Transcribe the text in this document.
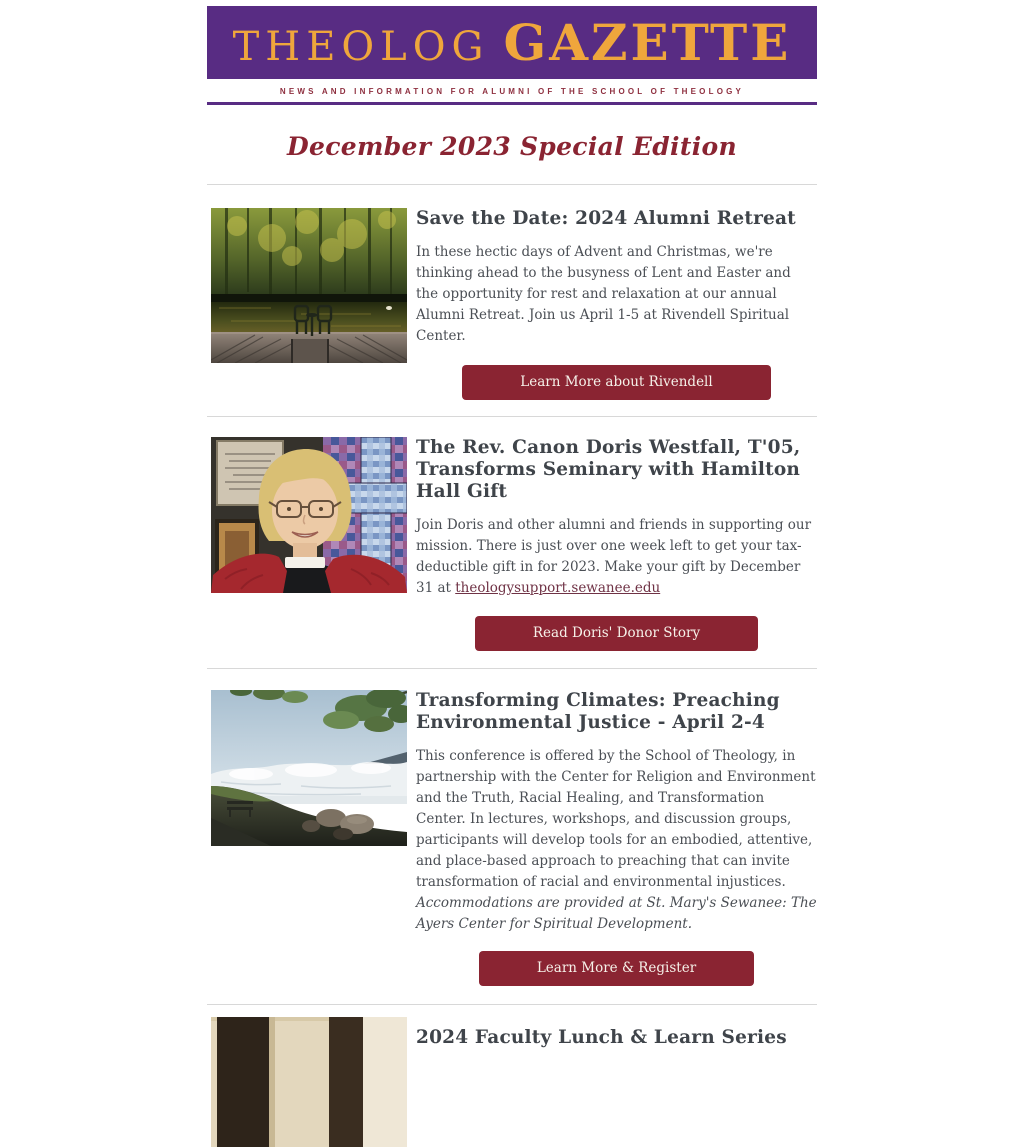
THEOLOG GAZETTE
NEWS AND INFORMATION FOR ALUMNI OF THE SCHOOL OF THEOLOGY
December 2023 Special Edition
Save the Date: 2024 Alumni Retreat

In these hectic days of Advent and Christmas, we're thinking ahead to the busyness of Lent and Easter and the opportunity for rest and relaxation at our annual Alumni Retreat. Join us April 1-5 at Rivendell Spiritual Center.

Learn More about Rivendell
The Rev. Canon Doris Westfall, T'05, Transforms Seminary with Hamilton Hall Gift

Join Doris and other alumni and friends in supporting our mission. There is just over one week left to get your tax-deductible gift in for 2023. Make your gift by December 31 at theologysupport.sewanee.edu

Read Doris' Donor Story
Transforming Climates: Preaching Environmental Justice - April 2-4

This conference is offered by the School of Theology, in partnership with the Center for Religion and Environment and the Truth, Racial Healing, and Transformation Center. In lectures, workshops, and discussion groups, participants will develop tools for an embodied, attentive, and place-based approach to preaching that can invite transformation of racial and environmental injustices. Accommodations are provided at St. Mary's Sewanee: The Ayers Center for Spiritual Development.

Learn More & Register
2024 Faculty Lunch & Learn Series
